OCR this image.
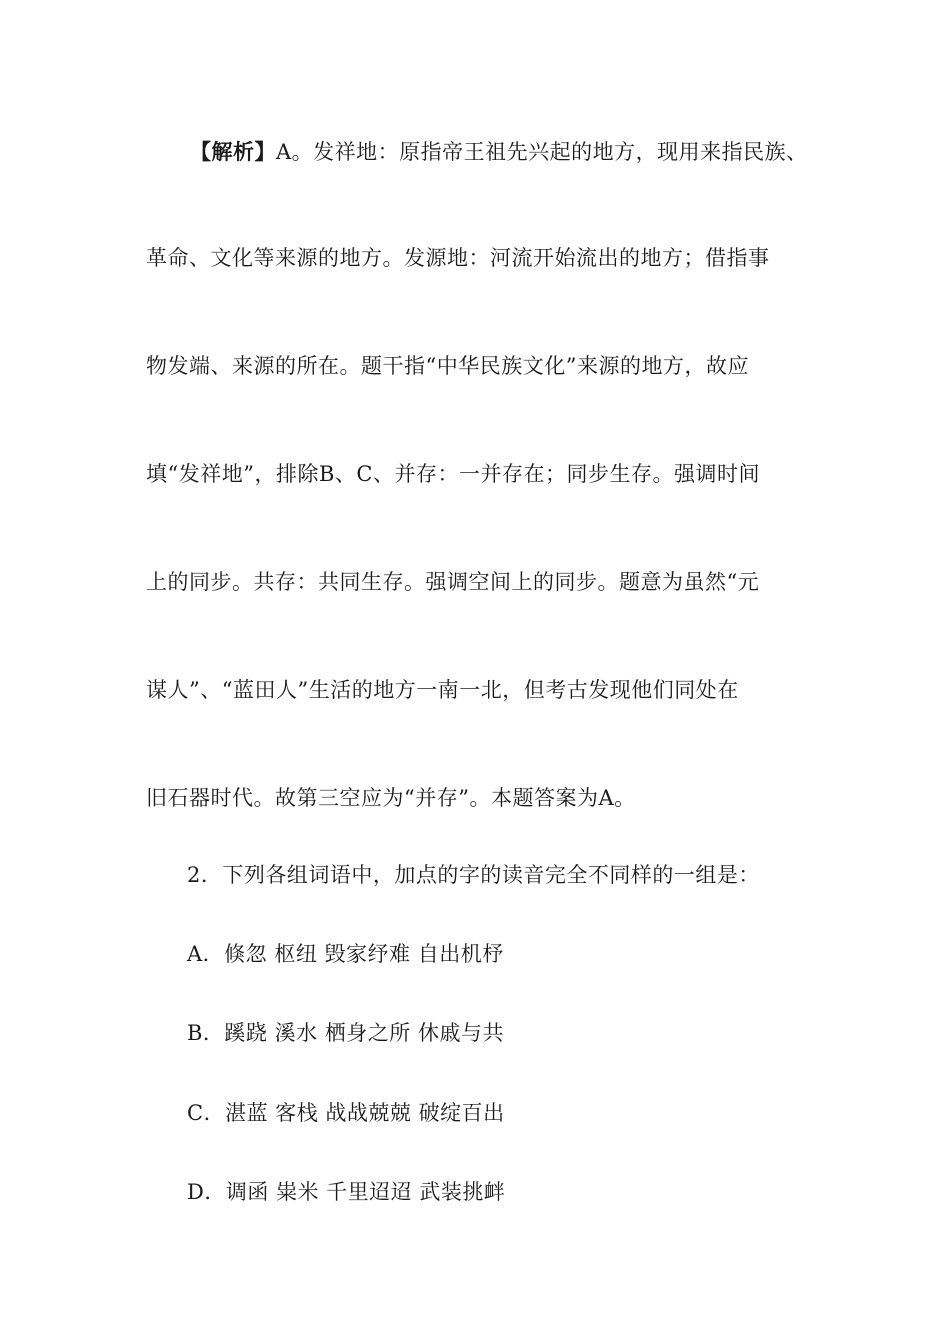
【解析】A。发祥地：原指帝王祖先兴起的地方，现用来指民族、
革命、文化等来源的地方。发源地：河流开始流出的地方；借指事
物发端、来源的所在。题干指“中华民族文化”来源的地方，故应
填“发祥地”，排除B、C、并存：一并存在；同步生存。强调时间
上的同步。共存：共同生存。强调空间上的同步。题意为虽然“元
谋人”、“蓝田人”生活的地方一南一北，但考古发现他们同处在
旧石器时代。故第三空应为“并存”。本题答案为A。
2．下列各组词语中，加点的字的读音完全不同样的一组是：
A．倏忽 枢纽 毁家纾难 自出机杼
B．蹊跷 溪水 栖身之所 休戚与共
C．湛蓝 客栈 战战兢兢 破绽百出
D．调函 粜米 千里迢迢 武装挑衅
